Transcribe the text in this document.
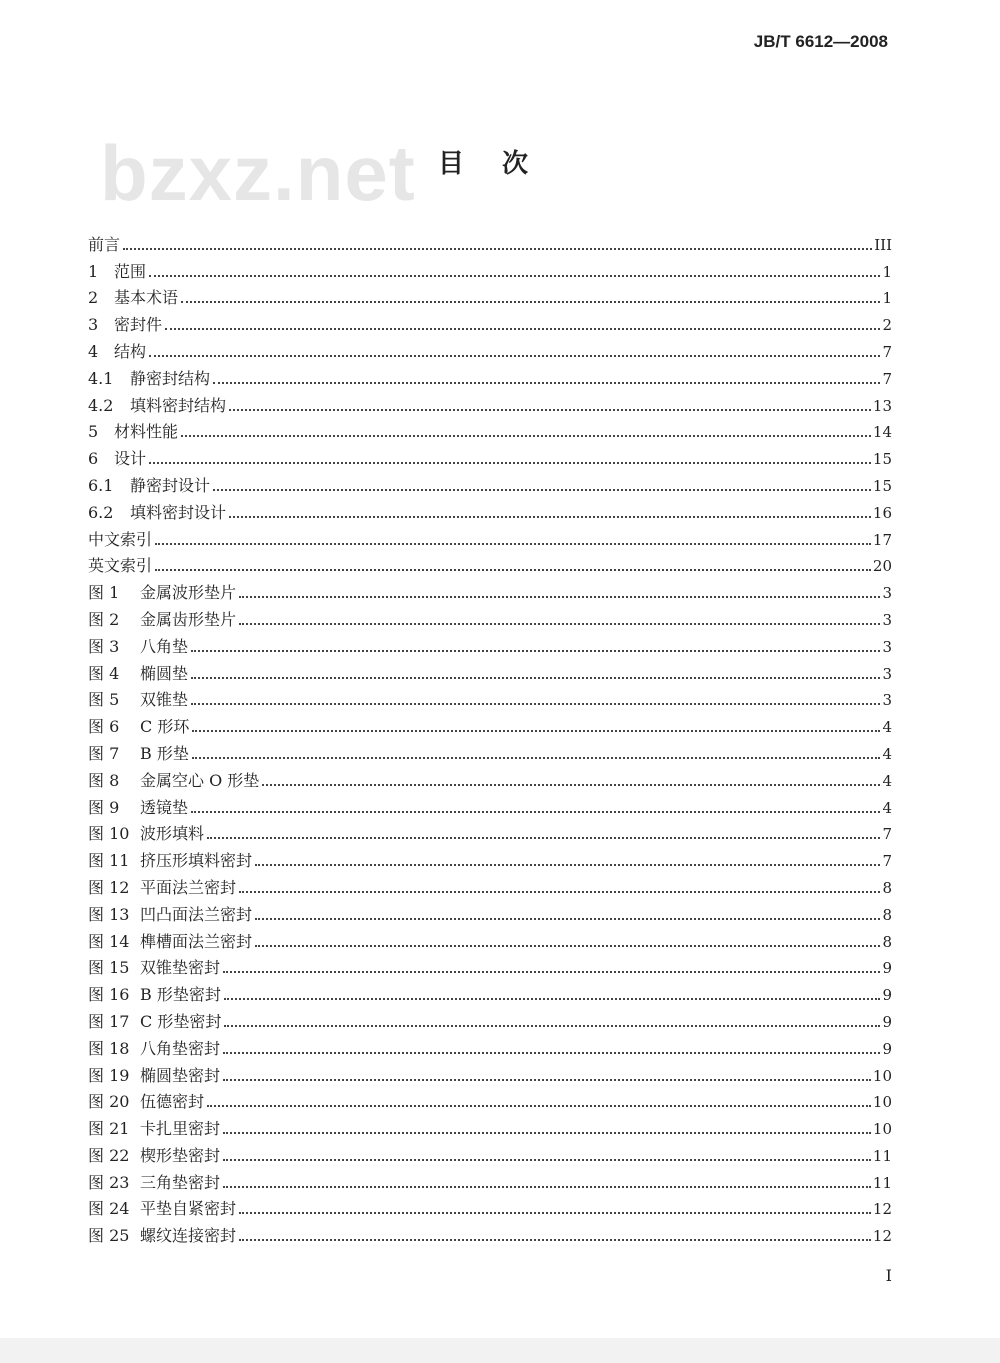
JB/T 6612—2008
bzxz.net 目次
前言	III
1 范围	1
2 基本术语	1
3 密封件	2
4 结构	7
4.1	静密封结构	7
4.2	填料密封结构	13
5 材料性能	14
6 设计	15
6.1	静密封设计	15
6.2	填料密封设计	16
中文索引	17
英文索引	20
图 1	金属波形垫片	3
图 2	金属齿形垫片	3
图 3	八角垫	3
图 4	椭圆垫	3
图 5	双锥垫	3
图 6	C 形环	4
图 7	B 形垫	4
图 8	金属空心 O 形垫	4
图 9	透镜垫	4
图 10 波形填料	7
图 11 挤压形填料密封	7
图 12 平面法兰密封	8
图 13 凹凸面法兰密封	8
图 14 榫槽面法兰密封	8
图 15 双锥垫密封	9
图 16 B 形垫密封	9
图 17 C 形垫密封	9
图 18 八角垫密封	9
图 19 椭圆垫密封	10
图 20 伍德密封	10
图 21 卡扎里密封	10
图 22 楔形垫密封	11
图 23 三角垫密封	11
图 24 平垫自紧密封	12
图 25 螺纹连接密封	12
I
